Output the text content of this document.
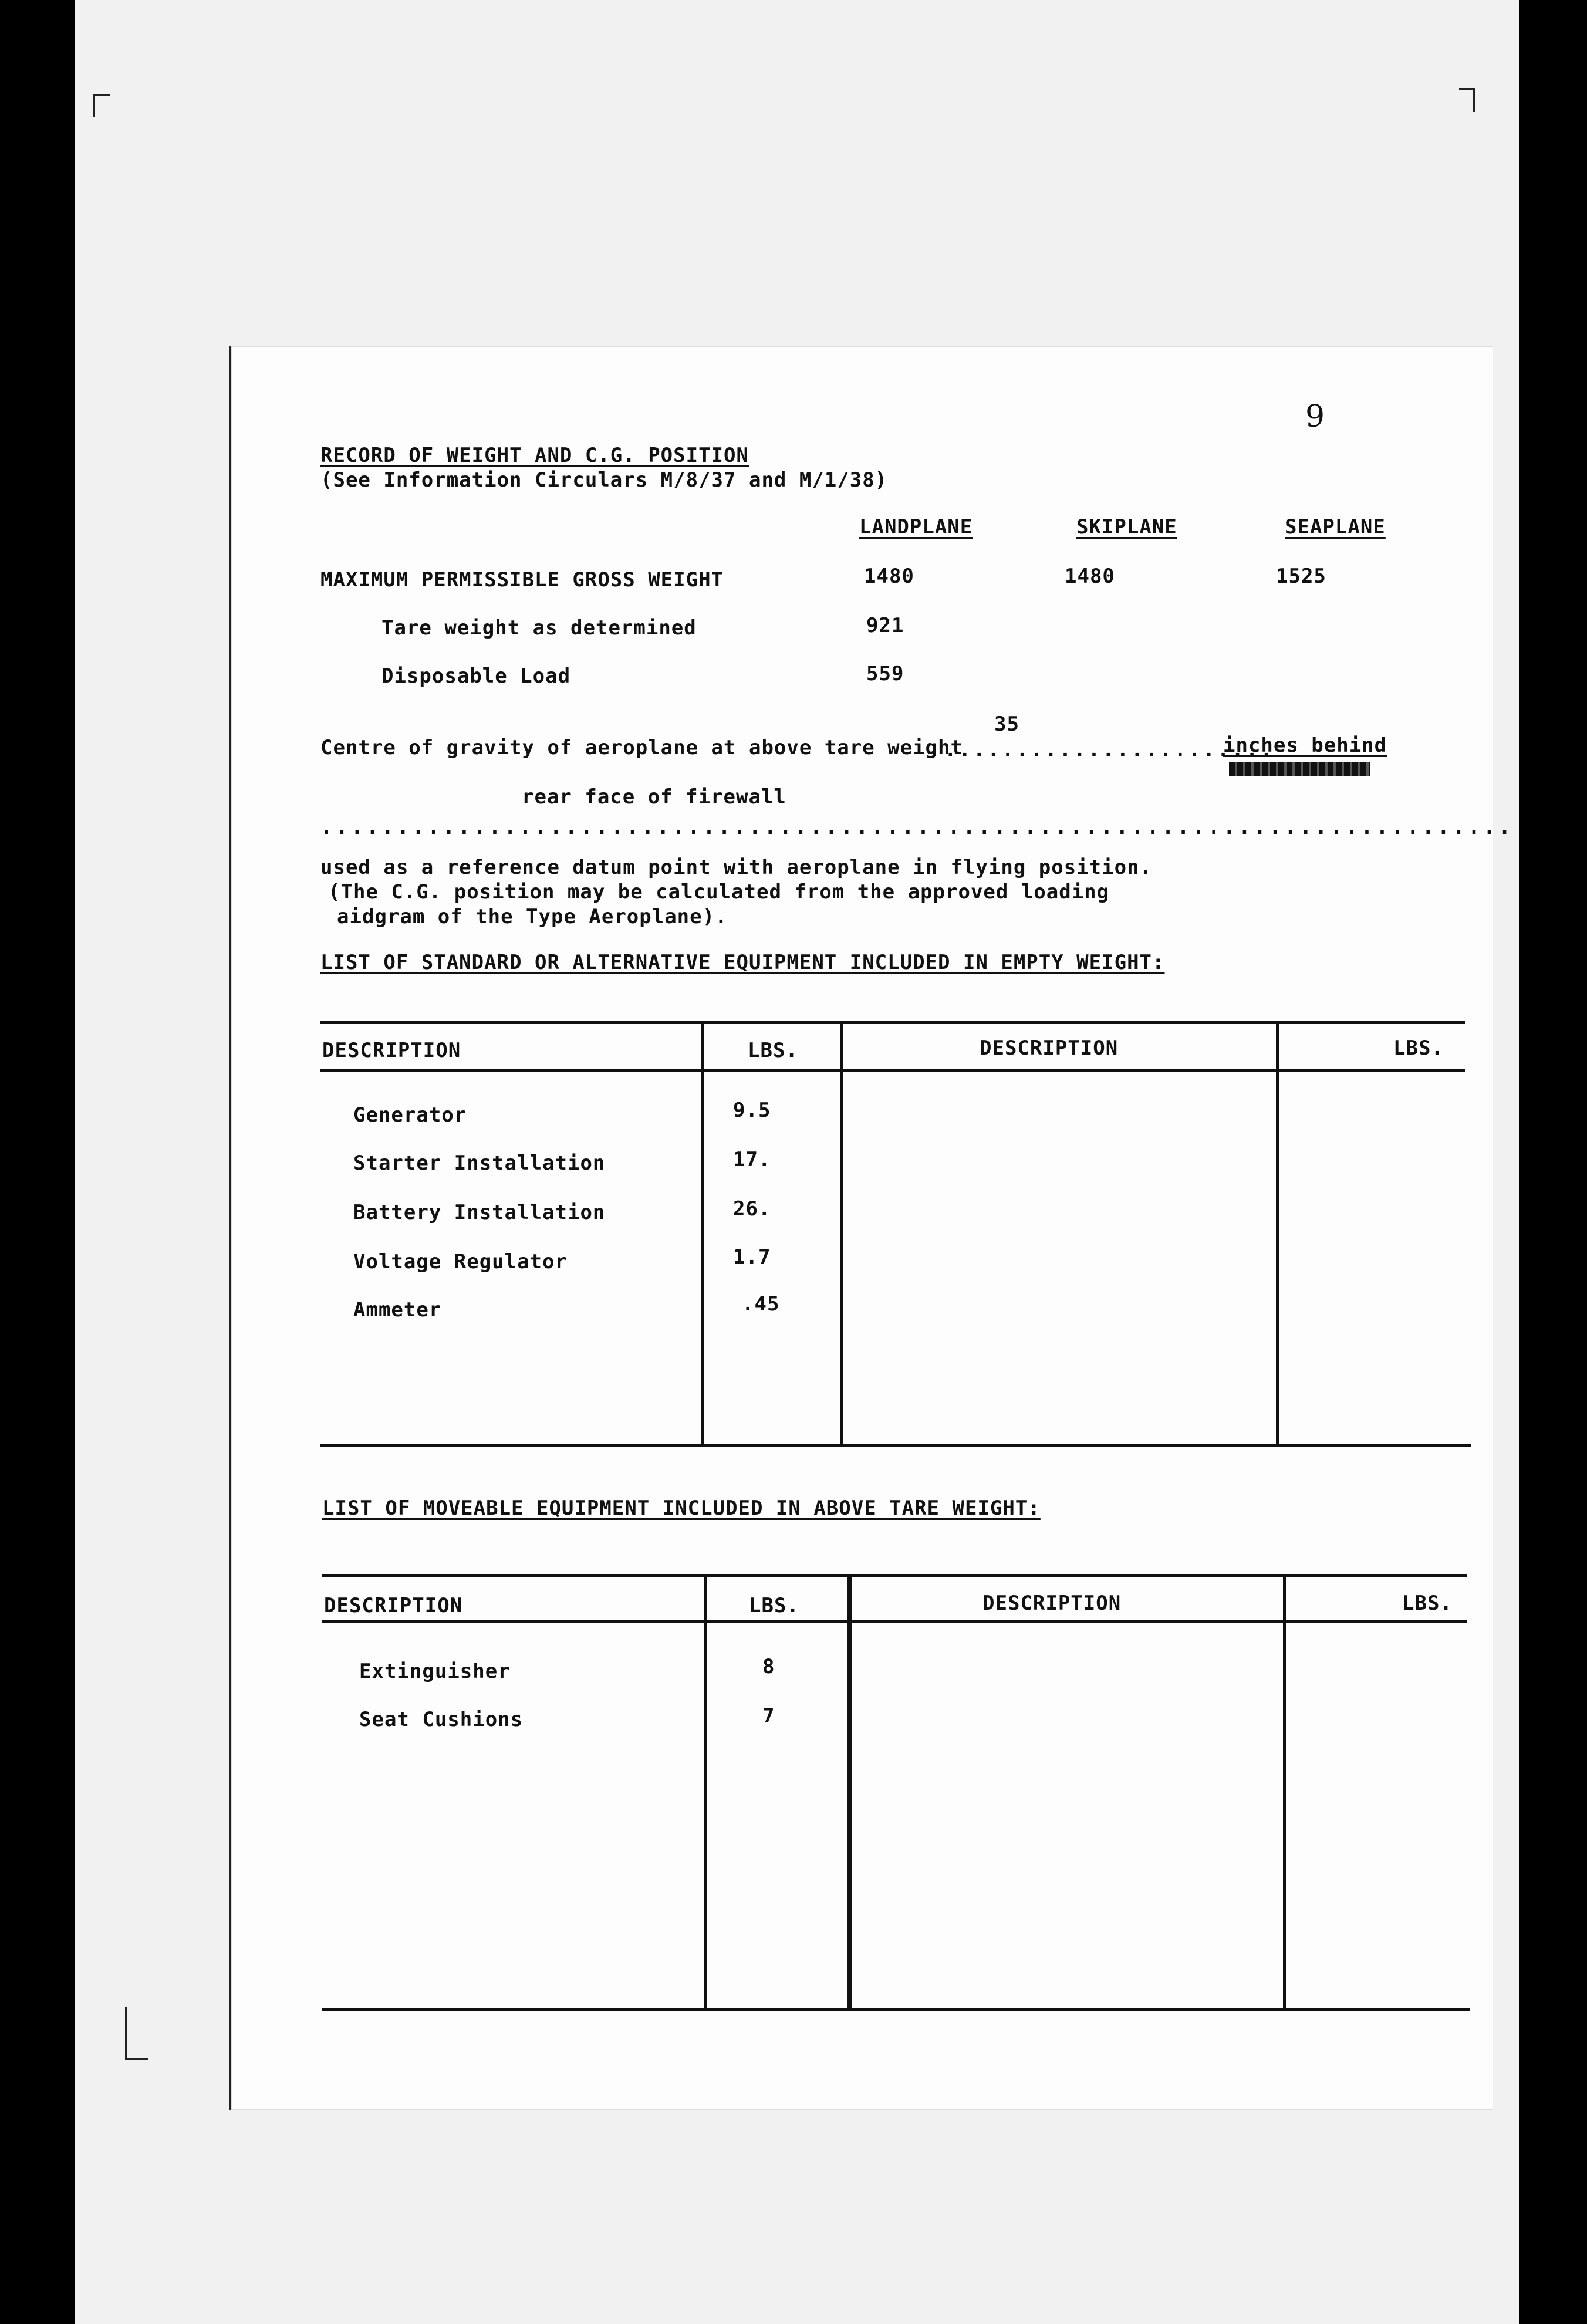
9
RECORD OF WEIGHT AND C.G. POSITION
(See Information Circulars M/8/37 and M/1/38)
LANDPLANE	SKIPLANE	SEAPLANE
MAXIMUM PERMISSIBLE GROSS WEIGHT	1480	1480	1525
Tare weight as determined	921
Disposable Load	559
Centre of gravity of aeroplane at above tare weight
.......................
35
inches behind
rear face of firewall
..............................................................................
used as a reference datum point with aeroplane in flying position.
(The C.G. position may be calculated from the approved loading
aidgram of the Type Aeroplane).
LIST OF STANDARD OR ALTERNATIVE EQUIPMENT INCLUDED IN EMPTY WEIGHT:
DESCRIPTION	LBS.	DESCRIPTION	LBS.
Generator	9.5
Starter Installation	17.
Battery Installation	26.
Voltage Regulator	1.7
Ammeter	.45
LIST OF MOVEABLE EQUIPMENT INCLUDED IN ABOVE TARE WEIGHT:
DESCRIPTION	LBS.	DESCRIPTION	LBS.
Extinguisher	8
Seat Cushions	7
